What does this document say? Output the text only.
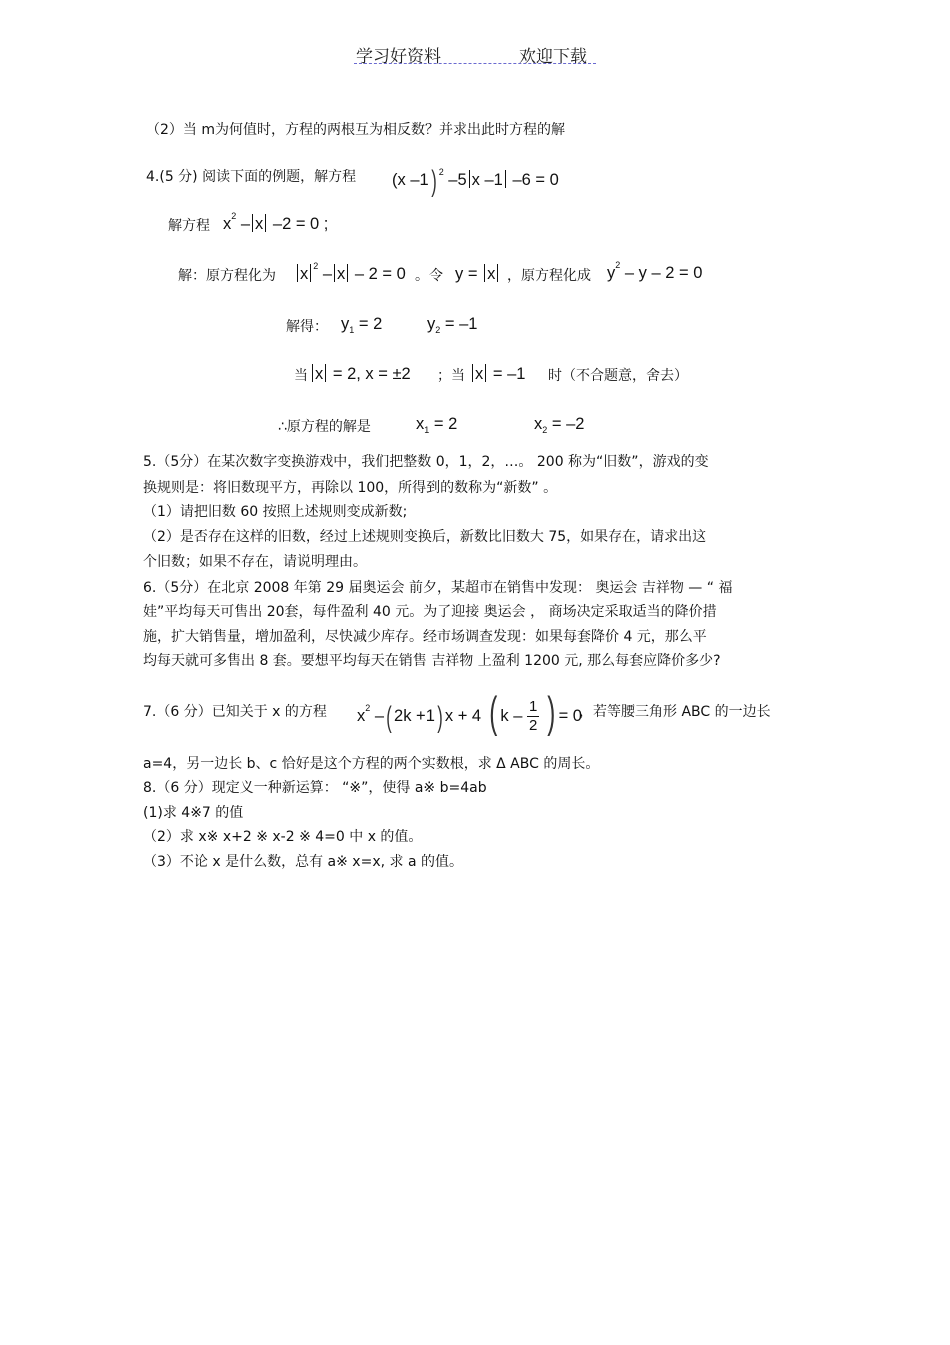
学习好资料	欢迎下载
（2）当 m为何值时，方程的两根互为相反数？并求出此时方程的解
4.(5 分) 阅读下面的例题，解方程 (x –1) $^2$ –5 x –1 –6 = 0
解方程 $x^2$ – x –2 = 0 ;
解：原方程化为	x $^2$ – x – 2 = 0 。令 y = x ，原方程化成 $y^2 - y - 2 = 0$
解得： $y_1 = 2$	$y_2 = -1$
当 x = 2, x = ±2 ；当 x = –1 时（不合题意，舍去）
∴原方程的解是	$x_1 = 2$	$x_2 = -2$
5.（5分）在某次数字变换游戏中，我们把整数 0，1，2，…。 200 称为“旧数”，游戏的变
换规则是：将旧数现平方，再除以 100，所得到的数称为“新数” 。
（1）请把旧数 60 按照上述规则变成新数;
（2）是否存在这样的旧数，经过上述规则变换后，新数比旧数大 75，如果存在，请求出这
个旧数；如果不存在，请说明理由。
6.（5分）在北京 2008 年第 29 届奥运会 前夕，某超市在销售中发现： 奥运会 吉祥物 — “ 福
娃”平均每天可售出 20套，每件盈利 40 元。为了迎接 奥运会 ， 商场决定采取适当的降价措
施，扩大销售量，增加盈利，尽快减少库存。经市场调查发现：如果每套降价 4 元，那么平
均每天就可多售出 8 套。要想平均每天在销售 吉祥物 上盈利 1200 元, 那么每套应降价多少?
7.（6 分）已知关于 x 的方程 $x^2$ –( 2k +1) x + 4 ( k – $\frac{1}{2}$ ) = 0
，若等腰三角形 ABC 的一边长
a=4，另一边长 b、c 恰好是这个方程的两个实数根，求 Δ ABC 的周长。
8.（6 分）现定义一种新运算： “※”，使得 a※ b=4ab
(1)求 4※7 的值
（2）求 x※ x+2 ※ x-2 ※ 4=0 中 x 的值。
（3）不论 x 是什么数，总有 a※ x=x, 求 a 的值。
